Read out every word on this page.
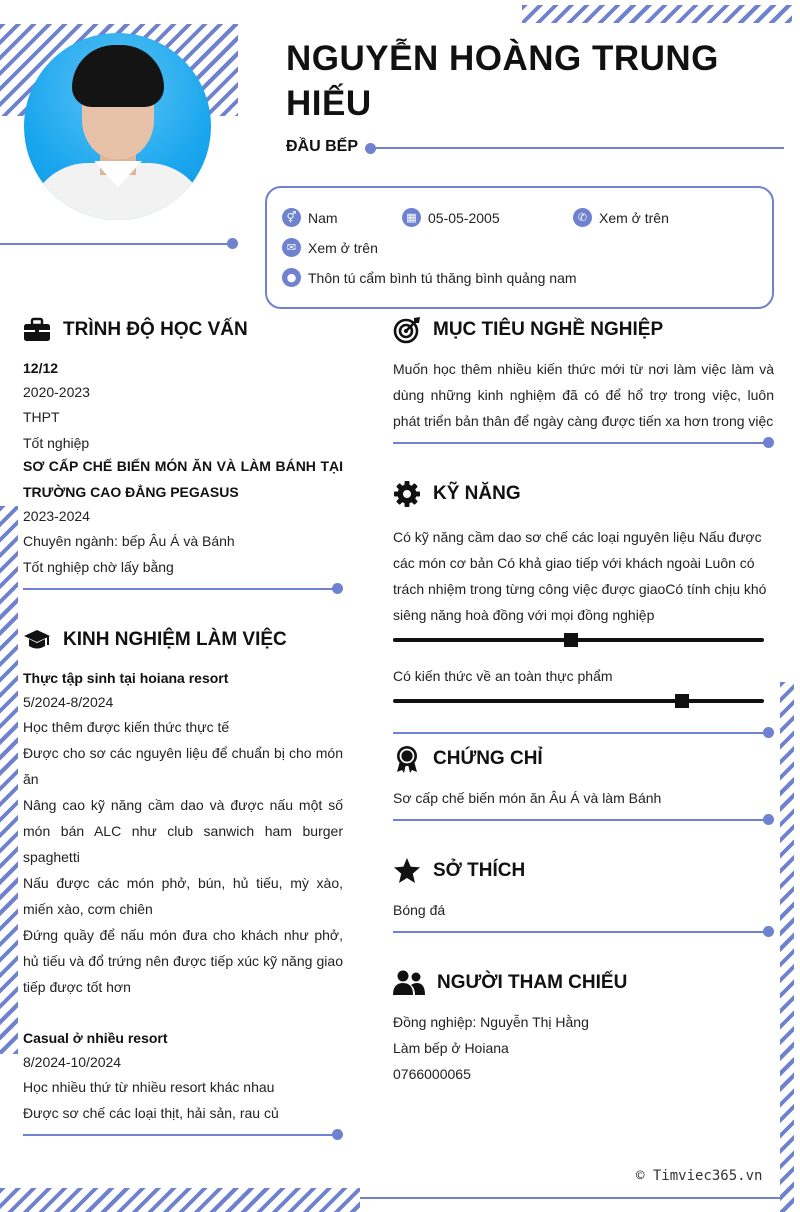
NGUYỄN HOÀNG TRUNG HIẾU
ĐẦU BẾP
⚥ Nam	▦ 05-05-2005	✆ Xem ở trên
✉ Xem ở trên
● Thôn tú cẩm bình tú thăng bình quảng nam
TRÌNH ĐỘ HỌC VẤN
12/12
2020-2023
THPT
Tốt nghiệp
SƠ CẤP CHẾ BIẾN MÓN ĂN VÀ LÀM BÁNH TẠI TRƯỜNG CAO ĐẲNG PEGASUS
2023-2024
Chuyên ngành: bếp Âu Á và Bánh
Tốt nghiệp chờ lấy bằng
KINH NGHIỆM LÀM VIỆC
Thực tập sinh tại hoiana resort
5/2024-8/2024
Học thêm được kiến thức thực tế
Được cho sơ các nguyên liệu để chuẩn bị cho món ăn
Nâng cao kỹ năng cầm dao và được nấu một số món bán ALC như club sanwich ham burger spaghetti
Nấu được các món phở, bún, hủ tiếu, mỳ xào, miến xào, cơm chiên
Đứng quầy để nấu món đưa cho khách như phở, hủ tiếu và đổ trứng nên được tiếp xúc kỹ năng giao tiếp được tốt hơn
Casual ở nhiều resort
8/2024-10/2024
Học nhiều thứ từ nhiều resort khác nhau
Được sơ chế các loại thịt, hải sản, rau củ
MỤC TIÊU NGHỀ NGHIỆP
Muốn học thêm nhiều kiến thức mới từ nơi làm việc làm và dùng những kinh nghiệm đã có để hổ trợ trong việc, luôn phát triển bản thân để ngày càng được tiến xa hơn trong việc
KỸ NĂNG
Có kỹ năng cầm dao sơ chế các loại nguyên liệu Nấu được các món cơ bản Có khả giao tiếp với khách ngoài Luôn có trách nhiệm trong từng công việc được giaoCó tính chịu khó siêng năng hoà đồng với mọi đồng nghiệp
Có kiến thức về an toàn thực phẩm
CHỨNG CHỈ
Sơ cấp chế biến món ăn Âu Á và làm Bánh
SỞ THÍCH
Bóng đá
NGƯỜI THAM CHIẾU
Đồng nghiệp: Nguyễn Thị Hằng
Làm bếp ở Hoiana
0766000065
© Timviec365.vn
